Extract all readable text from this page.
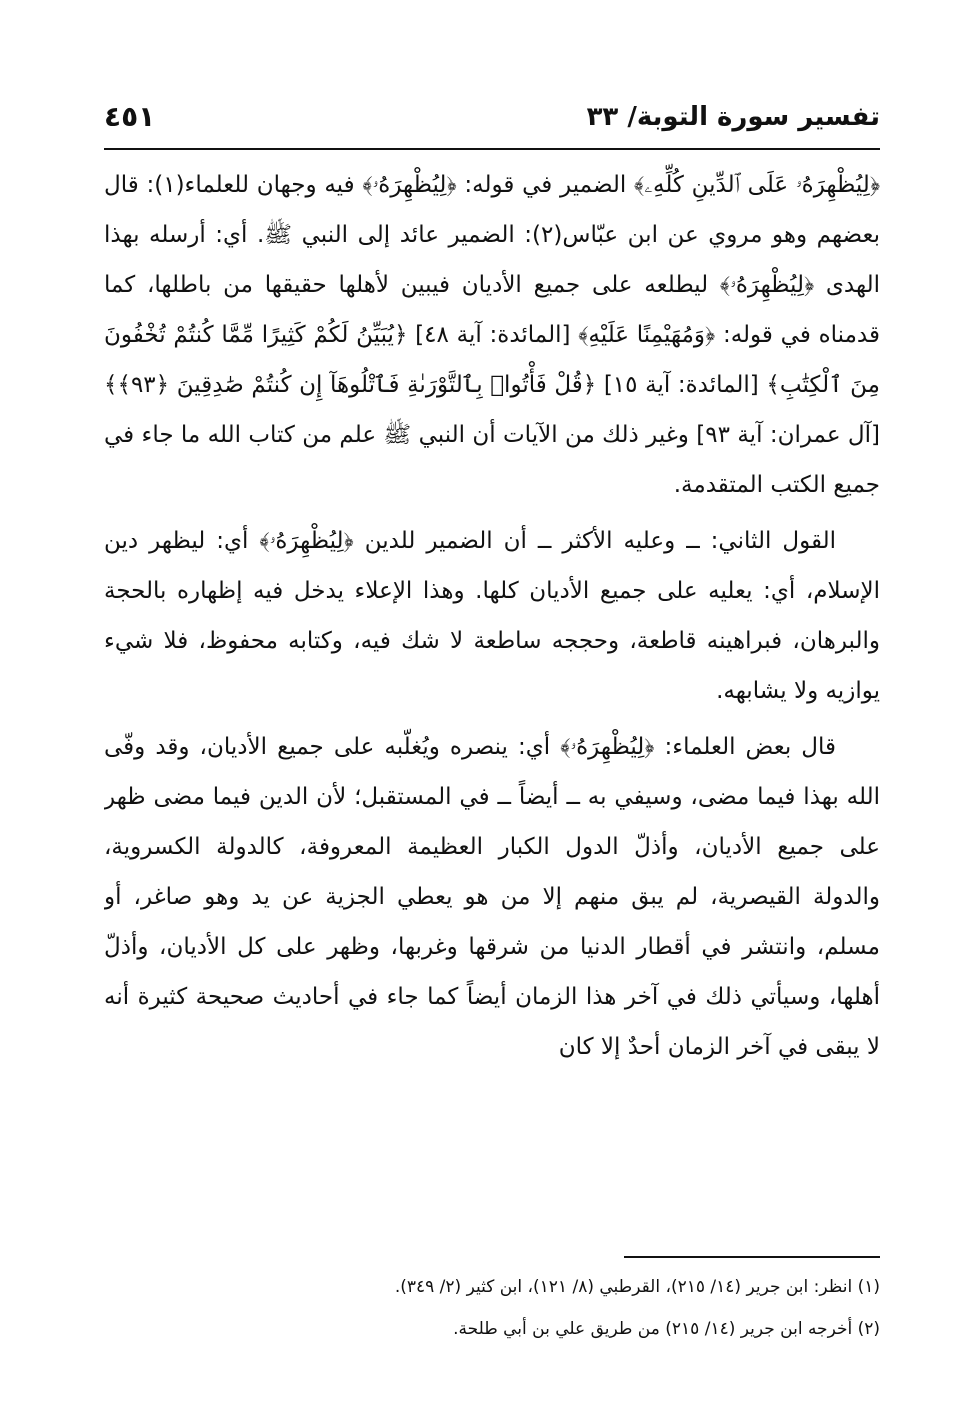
تفسير سورة التوبة/ ٣٣
٤٥١

﴿لِيُظْهِرَهُۥ عَلَى ٱلدِّينِ كُلِّهِۦ﴾ الضمير في قوله: ﴿لِيُظْهِرَهُۥ﴾ فيه وجهان للعلماء(١): قال بعضهم وهو مروي عن ابن عبّاس(٢): الضمير عائد إلى النبي ﷺ. أي: أرسله بهذا الهدى ﴿لِيُظْهِرَهُۥ﴾ ليطلعه على جميع الأديان فيبين لأهلها حقيقها من باطلها، كما قدمناه في قوله: ﴿وَمُهَيْمِنًا عَلَيْهِ﴾ [المائدة: آية ٤٨] ﴿يُبَيِّنُ لَكُمْ كَثِيرًا مِّمَّا كُنتُمْ تُخْفُونَ مِنَ ٱلْكِتَٰبِ﴾ [المائدة: آية ١٥] ﴿قُلْ فَأْتُوا۟ بِٱلتَّوْرَىٰةِ فَٱتْلُوهَآ إِن كُنتُمْ صَٰدِقِينَ ﴿٩٣﴾﴾ [آل عمران: آية ٩٣] وغير ذلك من الآيات أن النبي ﷺ علم من كتاب الله ما جاء في جميع الكتب المتقدمة.

القول الثاني: ــ وعليه الأكثر ــ أن الضمير للدين ﴿لِيُظْهِرَهُۥ﴾ أي: ليظهر دين الإسلام، أي: يعليه على جميع الأديان كلها. وهذا الإعلاء يدخل فيه إظهاره بالحجة والبرهان، فبراهينه قاطعة، وحججه ساطعة لا شك فيه، وكتابه محفوظ، فلا شيء يوازيه ولا يشابهه.

قال بعض العلماء: ﴿لِيُظْهِرَهُۥ﴾ أي: ينصره ويُغلّبه على جميع الأديان، وقد وفّى الله بهذا فيما مضى، وسيفي به ــ أيضاً ــ في المستقبل؛ لأن الدين فيما مضى ظهر على جميع الأديان، وأذلّ الدول الكبار العظيمة المعروفة، كالدولة الكسروية، والدولة القيصرية، لم يبق منهم إلا من هو يعطي الجزية عن يد وهو صاغر، أو مسلم، وانتشر في أقطار الدنيا من شرقها وغربها، وظهر على كل الأديان، وأذلّ أهلها، وسيأتي ذلك في آخر هذا الزمان أيضاً كما جاء في أحاديث صحيحة كثيرة أنه لا يبقى في آخر الزمان أحدٌ إلا كان

(١) انظر: ابن جرير (١٤/ ٢١٥)، القرطبي (٨/ ١٢١)، ابن كثير (٢/ ٣٤٩).

(٢) أخرجه ابن جرير (١٤/ ٢١٥) من طريق علي بن أبي طلحة.
